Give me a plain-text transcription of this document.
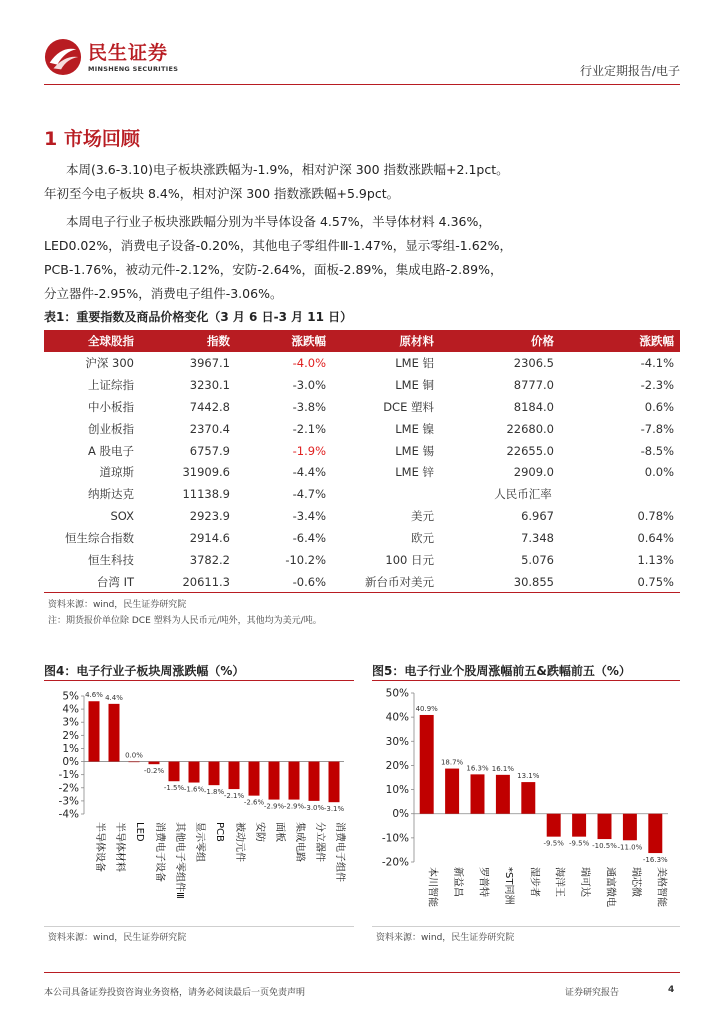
民生证券
MINSHENG SECURITIES	行业定期报告/电子
1 市场回顾
本周(3.6-3.10)电子板块涨跌幅为-1.9%，相对沪深 300 指数涨跌幅+2.1pct。
年初至今电子板块 8.4%，相对沪深 300 指数涨跌幅+5.9pct。
本周电子行业子板块涨跌幅分别为半导体设备 4.57%，半导体材料 4.36%，
LED0.02%，消费电子设备-0.20%，其他电子零组件Ⅲ-1.47%，显示零组-1.62%，
PCB-1.76%，被动元件-2.12%，安防-2.64%，面板-2.89%，集成电路-2.89%，
分立器件-2.95%，消费电子组件-3.06%。
表1：重要指数及商品价格变化（3 月 6 日-3 月 11 日）
全球股指	指数	涨跌幅	原材料	价格	涨跌幅
沪深 300	3967.1	-4.0%	LME 铝	2306.5	-4.1%
上证综指	3230.1	-3.0%	LME 铜	8777.0	-2.3%
中小板指	7442.8	-3.8%	DCE 塑料	8184.0	0.6%
创业板指	2370.4	-2.1%	LME 镍	22680.0	-7.8%
A 股电子	6757.9	-1.9%	LME 锡	22655.0	-8.5%
道琼斯	31909.6	-4.4%	LME 锌	2909.0	0.0%
纳斯达克	11138.9	-4.7%	人民币汇率		
SOX	2923.9	-3.4%	美元	6.967	0.78%
恒生综合指数	2914.6	-6.4%	欧元	7.348	0.64%
恒生科技	3782.2	-10.2%	100 日元	5.076	1.13%
台湾 IT	20611.3	-0.6%	新台币对美元	30.855	0.75%
资料来源：wind，民生证券研究院
注：期货报价单位除 DCE 塑料为人民币元/吨外，其他均为美元/吨。
图4：电子行业子板块周涨跌幅（%）
5%
4%
3%
2%
1%
0%
-1%
-2%
-3%
-4%
4.6%
半导体设备
4.4%
半导体材料
0.0%
LED
-0.2%
消费电子设备
-1.5%
其他电子零组件Ⅲ
-1.6%
显示零组
-1.8%
PCB
-2.1%
被动元件
-2.6%
安防
-2.9%
面板
-2.9%
集成电路
-3.0%
分立器件
-3.1%
消费电子组件
资料来源：wind，民生证券研究院
图5：电子行业个股周涨幅前五&跌幅前五（%）
50%
40%
30%
20%
10%
0%
-10%
-20%
40.9%
本川智能
18.7%
新益昌
16.3%
罗普特
16.1%
*ST同洲
13.1%
湿步者
-9.5%
海洋王
-9.5%
瑞可达
-10.5%
通富微电
-11.0%
瑞芯微
-16.3%
美格智能
资料来源：wind，民生证券研究院
本公司具备证券投资咨询业务资格，请务必阅读最后一页免责声明	证券研究报告	4
